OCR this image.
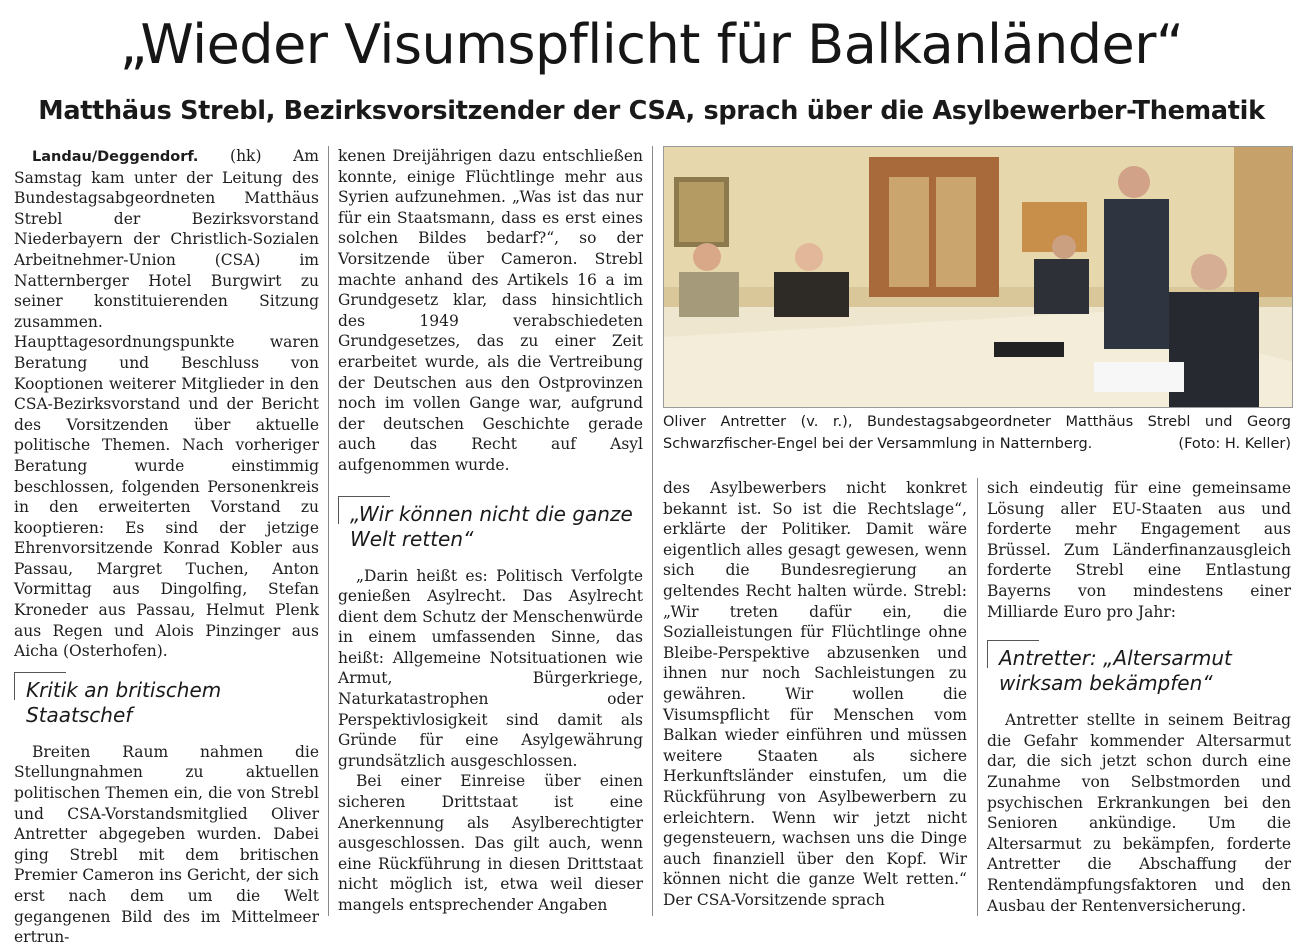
„Wieder Visumspflicht für Balkanländer“
Matthäus Strebl, Bezirksvorsitzender der CSA, sprach über die Asylbewerber-Thematik

Landau/Deggendorf. (hk) Am Samstag kam unter der Leitung des Bundestagsabgeordneten Matthäus Strebl der Bezirksvorstand Niederbayern der Christlich-Sozialen Arbeitnehmer-Union (CSA) im Natternberger Hotel Burgwirt zu seiner konstituierenden Sitzung zusammen. Haupttagesordnungspunkte waren Beratung und Beschluss von Kooptionen weiterer Mitglieder in den CSA-Bezirksvorstand und der Bericht des Vorsitzenden über aktuelle politische Themen. Nach vorheriger Beratung wurde einstimmig beschlossen, folgenden Personenkreis in den erweiterten Vorstand zu kooptieren: Es sind der jetzige Ehrenvorsitzende Konrad Kobler aus Passau, Margret Tuchen, Anton Vormittag aus Dingolfing, Stefan Kroneder aus Passau, Helmut Plenk aus Regen und Alois Pinzinger aus Aicha (Osterhofen).

Kritik an britischem Staatschef

Breiten Raum nahmen die Stellungnahmen zu aktuellen politischen Themen ein, die von Strebl und CSA-Vorstandsmitglied Oliver Antretter abgegeben wurden. Dabei ging Strebl mit dem britischen Premier Cameron ins Gericht, der sich erst nach dem um die Welt gegangenen Bild des im Mittelmeer ertrun-

kenen Dreijährigen dazu entschließen konnte, einige Flüchtlinge mehr aus Syrien aufzunehmen. „Was ist das nur für ein Staatsmann, dass es erst eines solchen Bildes bedarf?“, so der Vorsitzende über Cameron. Strebl machte anhand des Artikels 16 a im Grundgesetz klar, dass hinsichtlich des 1949 verabschiedeten Grundgesetzes, das zu einer Zeit erarbeitet wurde, als die Vertreibung der Deutschen aus den Ostprovinzen noch im vollen Gange war, aufgrund der deutschen Geschichte gerade auch das Recht auf Asyl aufgenommen wurde.

„Wir können nicht die ganze Welt retten“

„Darin heißt es: Politisch Verfolgte genießen Asylrecht. Das Asylrecht dient dem Schutz der Menschenwürde in einem umfassenden Sinne, das heißt: Allgemeine Notsituationen wie Armut, Bürgerkriege, Naturkatastrophen oder Perspektivlosigkeit sind damit als Gründe für eine Asylgewährung grundsätzlich ausgeschlossen.

Bei einer Einreise über einen sicheren Drittstaat ist eine Anerkennung als Asylberechtigter ausgeschlossen. Das gilt auch, wenn eine Rückführung in diesen Drittstaat nicht möglich ist, etwa weil dieser mangels entsprechender Angaben

Oliver Antretter (v. r.), Bundestagsabgeordneter Matthäus Strebl und Georg Schwarzfischer-Engel bei der Versammlung in Natternberg.	(Foto: H. Keller)

des Asylbewerbers nicht konkret bekannt ist. So ist die Rechtslage“, erklärte der Politiker. Damit wäre eigentlich alles gesagt gewesen, wenn sich die Bundesregierung an geltendes Recht halten würde. Strebl: „Wir treten dafür ein, die Sozialleistungen für Flüchtlinge ohne Bleibe-Perspektive abzusenken und ihnen nur noch Sachleistungen zu gewähren. Wir wollen die Visumspflicht für Menschen vom Balkan wieder einführen und müssen weitere Staaten als sichere Herkunftsländer einstufen, um die Rückführung von Asylbewerbern zu erleichtern. Wenn wir jetzt nicht gegensteuern, wachsen uns die Dinge auch finanziell über den Kopf. Wir können nicht die ganze Welt retten.“ Der CSA-Vorsitzende sprach

sich eindeutig für eine gemeinsame Lösung aller EU-Staaten aus und forderte mehr Engagement aus Brüssel. Zum Länderfinanzausgleich forderte Strebl eine Entlastung Bayerns von mindestens einer Milliarde Euro pro Jahr:

Antretter: „Altersarmut wirksam bekämpfen“

Antretter stellte in seinem Beitrag die Gefahr kommender Altersarmut dar, die sich jetzt schon durch eine Zunahme von Selbstmorden und psychischen Erkrankungen bei den Senioren ankündige. Um die Altersarmut zu bekämpfen, forderte Antretter die Abschaffung der Rentendämpfungsfaktoren und den Ausbau der Rentenversicherung.
